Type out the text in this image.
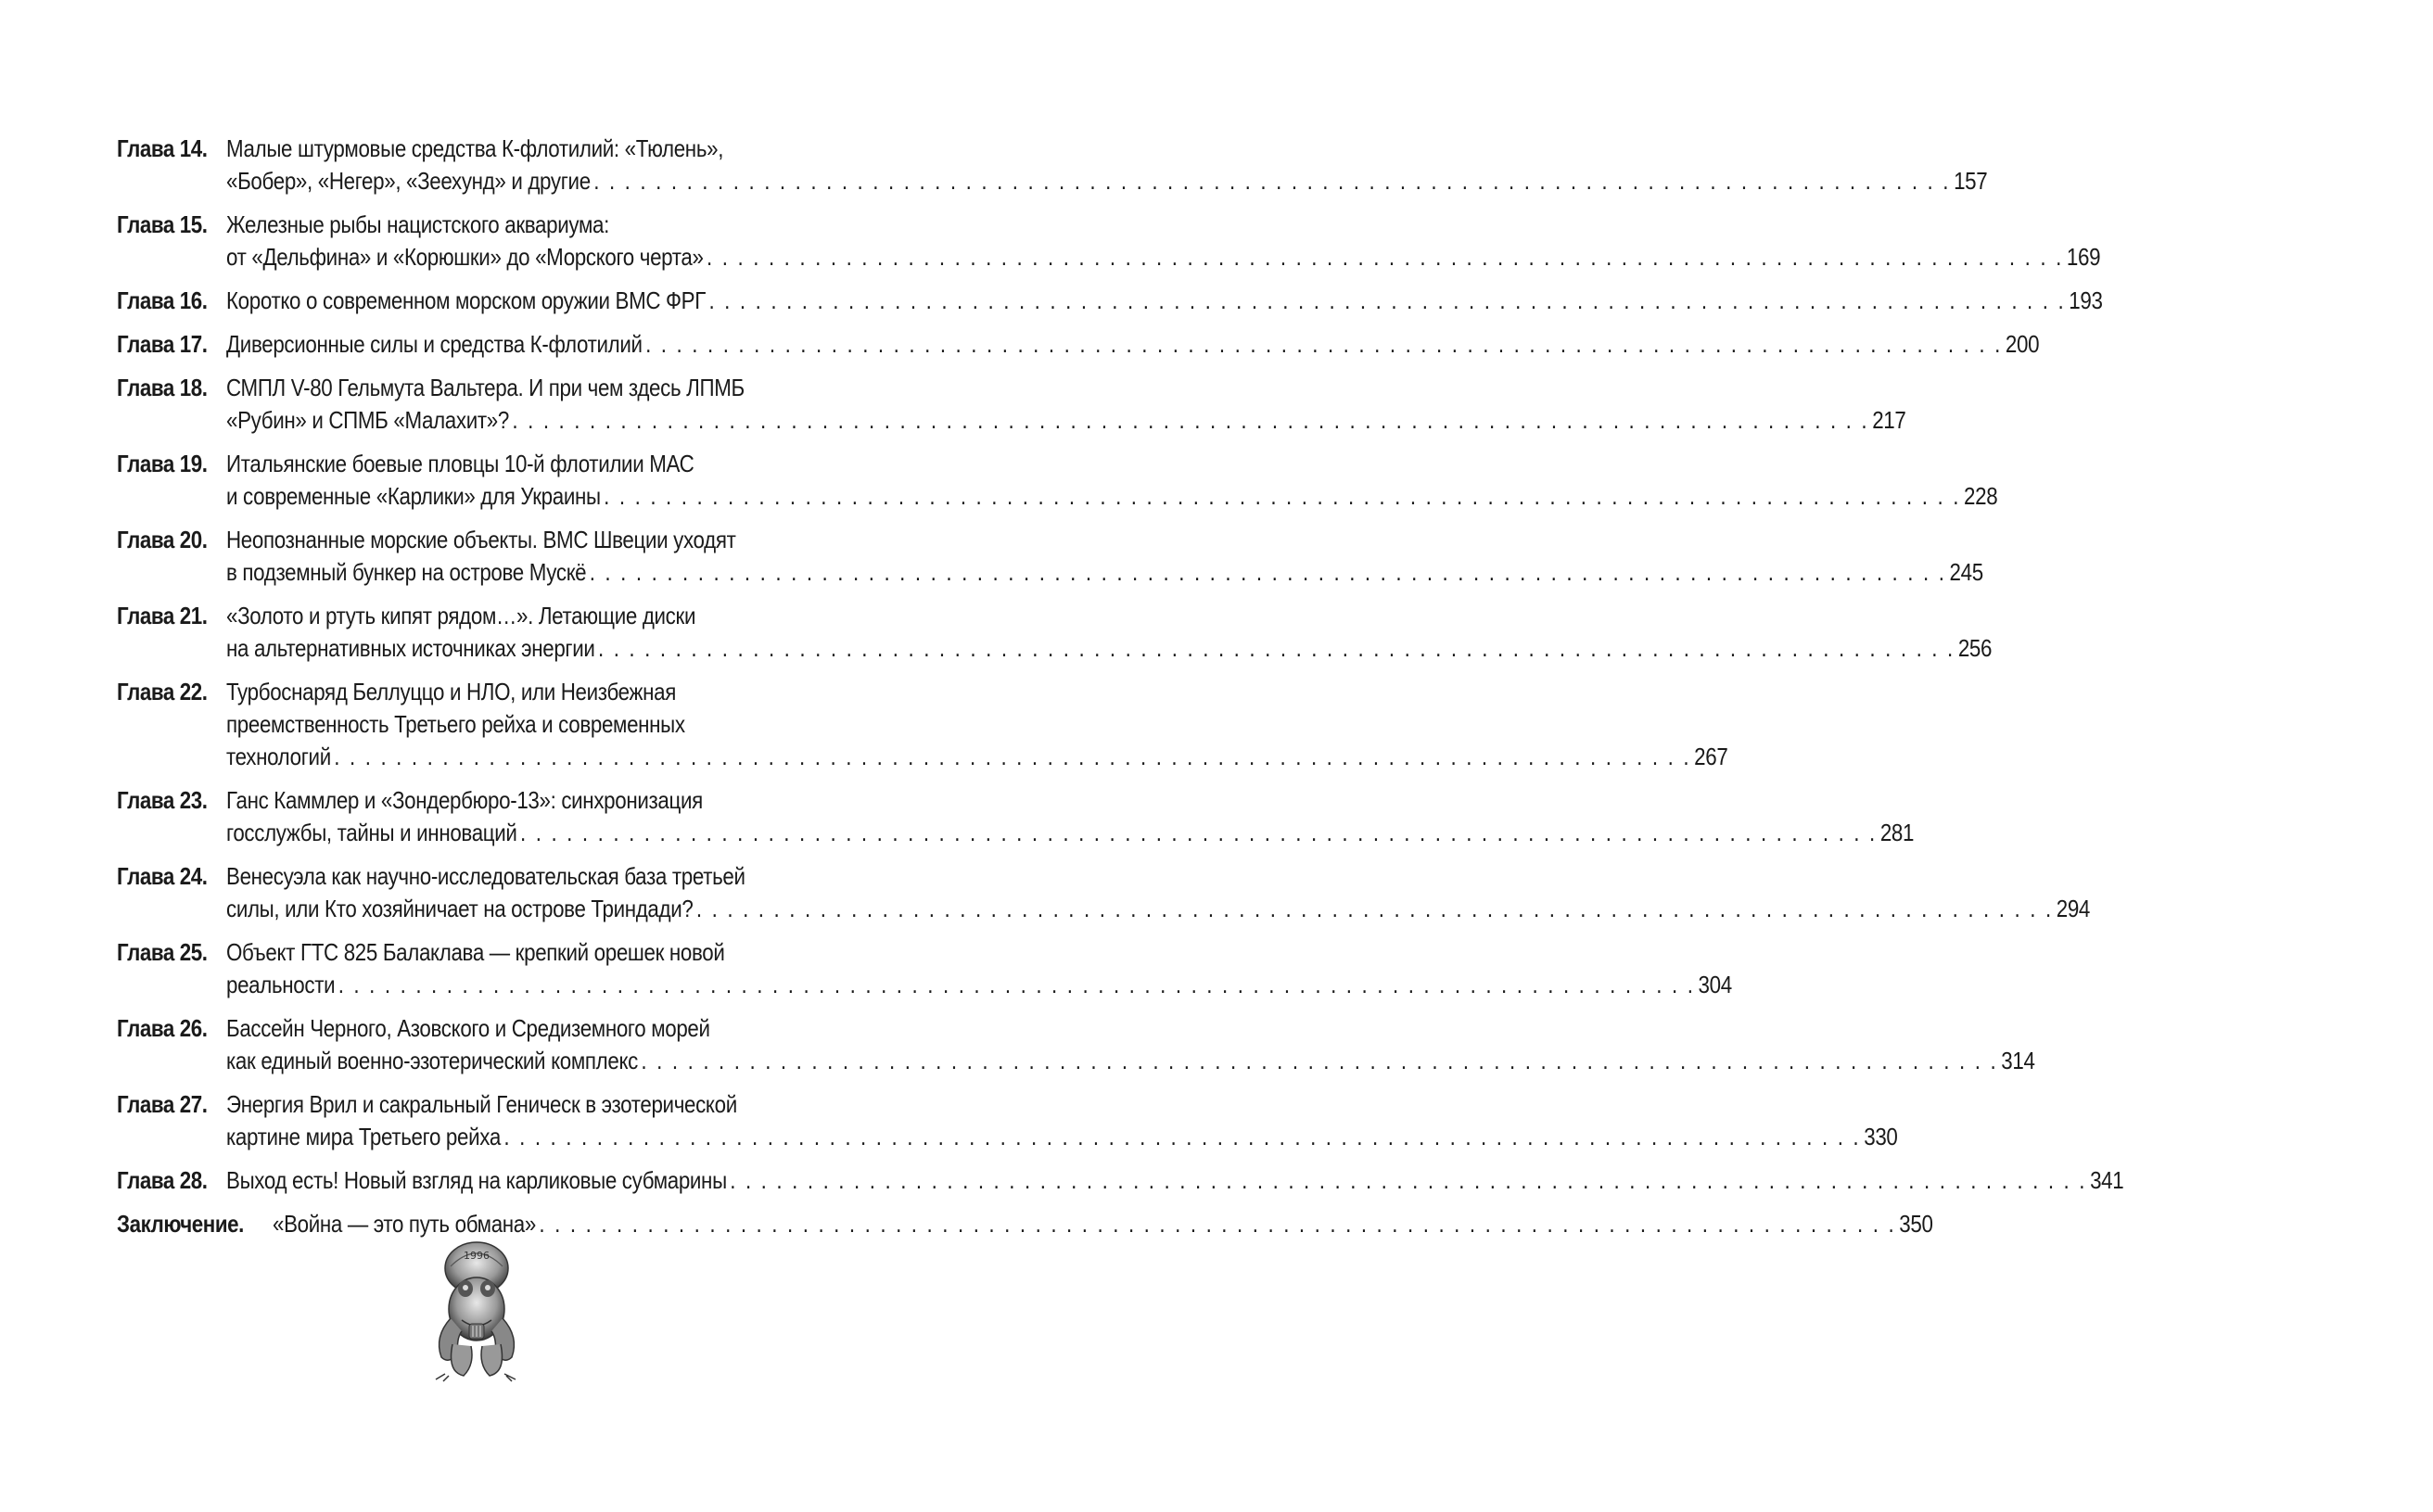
Глава 14. Малые штурмовые средства К-флотилий: «Тюлень»,
«Бобер», «Негер», «Зеехунд» и другие . . .	157
Глава 15. Железные рыбы нацистского аквариума:
от «Дельфина» и «Корюшки» до «Морского черта» . . .	169
Глава 16. Коротко о современном морском оружии ВМС ФРГ . . .	193
Глава 17. Диверсионные силы и средства К-флотилий . . .	200
Глава 18. СМПЛ V-80 Гельмута Вальтера. И при чем здесь ЛПМБ
«Рубин» и СПМБ «Малахит»? . . .	217
Глава 19. Итальянские боевые пловцы 10-й флотилии МАС
и современные «Карлики» для Украины . . .	228
Глава 20. Неопознанные морские объекты. ВМС Швеции уходят
в подземный бункер на острове Мускё . . .	245
Глава 21. «Золото и ртуть кипят рядом…». Летающие диски
на альтернативных источниках энергии . . .	256
Глава 22. Турбоснаряд Беллуццо и НЛО, или Неизбежная
преемственность Третьего рейха и современных
технологий . . .	267
Глава 23. Ганс Каммлер и «Зондербюро-13»: синхронизация
госслужбы, тайны и инноваций . . .	281
Глава 24. Венесуэла как научно-исследовательская база третьей
силы, или Кто хозяйничает на острове Триндади? . . .	294
Глава 25. Объект ГТС 825 Балаклава — крепкий орешек новой
реальности . . .	304
Глава 26. Бассейн Черного, Азовского и Средиземного морей
как единый военно-эзотерический комплекс . . .	314
Глава 27. Энергия Врил и сакральный Геническ в эзотерической
картине мира Третьего рейха . . .	330
Глава 28. Выход есть! Новый взгляд на карликовые субмарины . . .	341
Заключение. «Война — это путь обмана» . . .	350
1996
